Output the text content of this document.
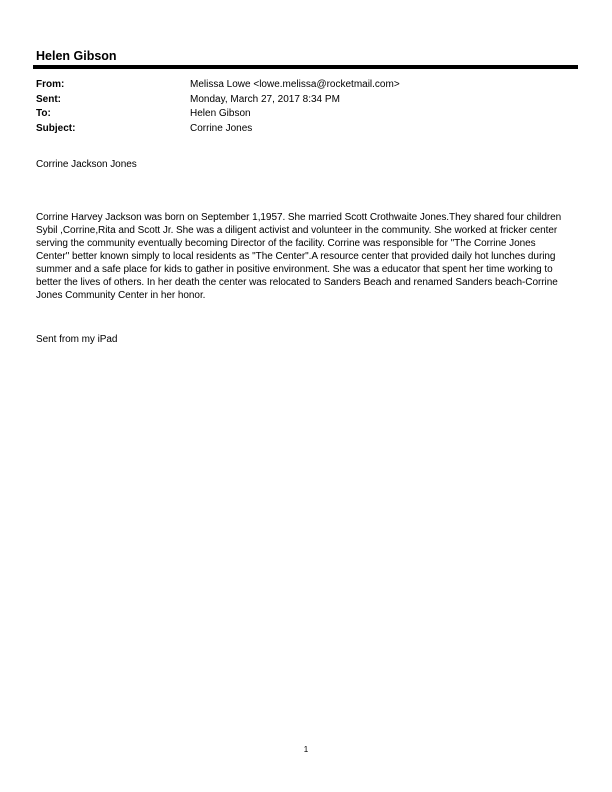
Helen Gibson
From:	Melissa Lowe <lowe.melissa@rocketmail.com>
Sent:	Monday, March 27, 2017 8:34 PM
To:	Helen Gibson
Subject:	Corrine Jones
Corrine Jackson Jones
Corrine Harvey Jackson was born on September 1,1957. She married Scott Crothwaite Jones.They shared four children
Sybil ,Corrine,Rita and Scott Jr. She was a diligent activist and volunteer in the community. She worked at fricker center
serving the community eventually becoming Director of the facility. Corrine was responsible for "The Corrine Jones
Center" better known simply to local residents as "The Center".A resource center that provided daily hot lunches during
summer and a safe place for kids to gather in positive environment. She was a educator that spent her time working to
better the lives of others. In her death the center was relocated to Sanders Beach and renamed Sanders beach-Corrine
Jones Community Center in her honor.
Sent from my iPad
1
